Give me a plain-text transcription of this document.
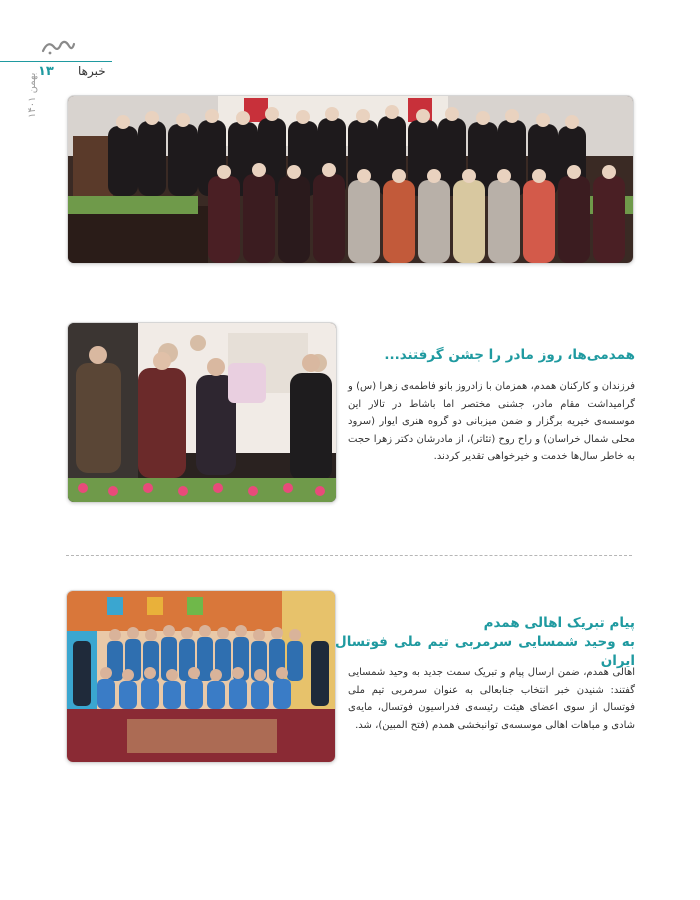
۱۳ خبرها
بهمن ۱۴۰۱

همدمی‌ها، روز مادر را جشن گرفتند...

فرزندان و کارکنان همدم، همزمان با زادروز بانو فاطمه‌ی زهرا (س) و گرامیداشت مقام مادر، جشنی مختصر اما باشاط در تالار این موسسه‌ی خیریه برگزار و ضمن میزبانی دو گروه هنری ایوار (سرود محلی شمال خراسان) و راح روح (تئاتر)، از مادرشان دکتر زهرا حجت به خاطر سال‌ها خدمت و خیرخواهی تقدیر کردند.

پیام تبریک اهالی همدم

به وحید شمسایی سرمربی تیم ملی فوتسال ایران

اهالی همدم، ضمن ارسال پیام و تبریک سمت جدید به وحید شمسایی گفتند: شنیدن خبر انتخاب جنابعالی به عنوان سرمربی تیم ملی فوتسال از سوی اعضای هیئت رئیسه‌ی فدراسیون فوتسال، مایه‌ی شادی و مباهات اهالی موسسه‌ی توانبخشی همدم (فتح المبین)، شد.
